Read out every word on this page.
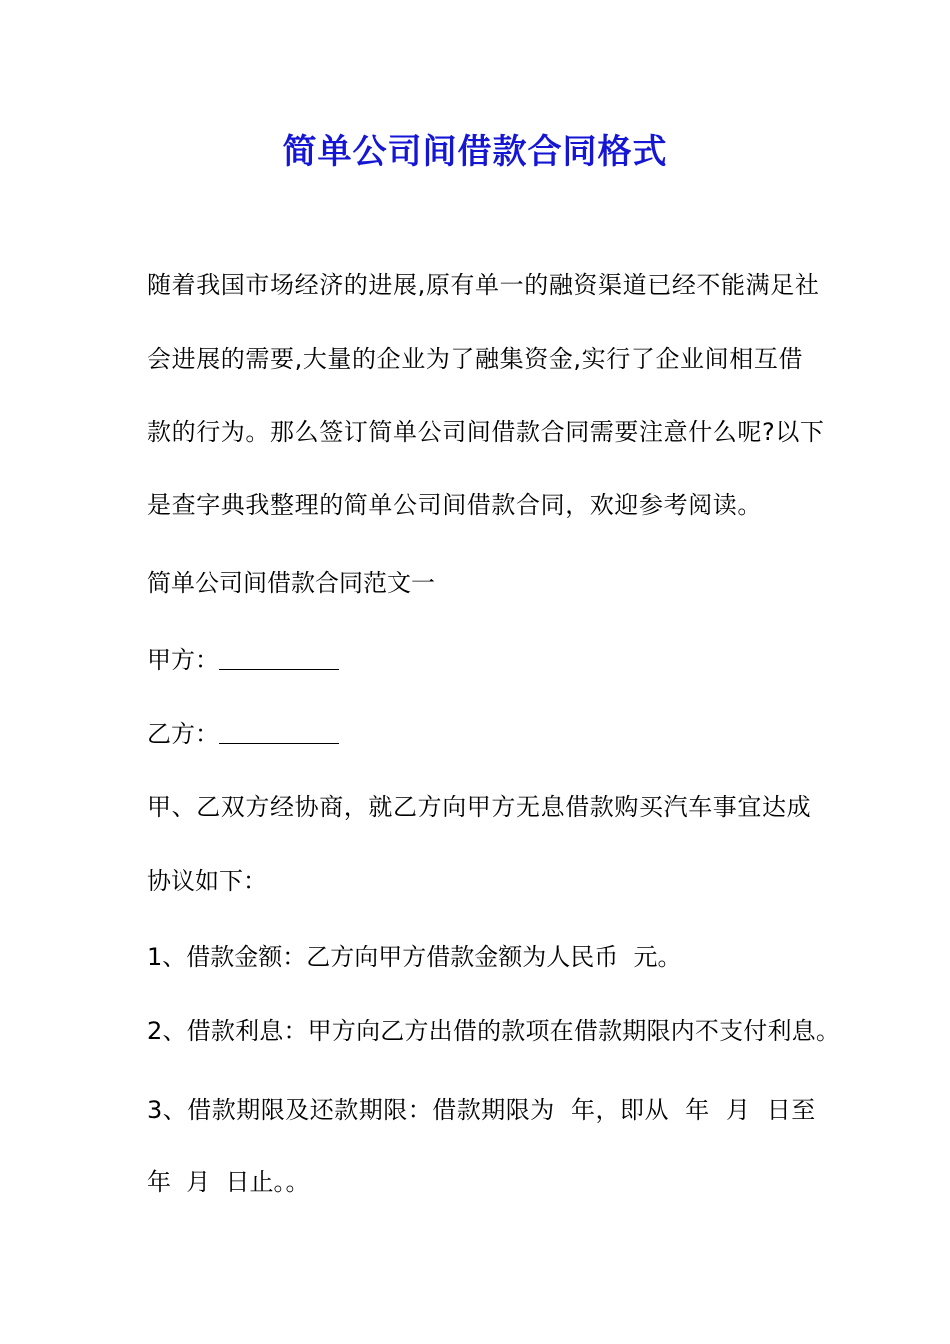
简单公司间借款合同格式
随着我国市场经济的进展,原有单一的融资渠道已经不能满足社
会进展的需要,大量的企业为了融集资金,实行了企业间相互借
款的行为。那么签订简单公司间借款合同需要注意什么呢?以下
是查字典我整理的简单公司间借款合同，欢迎参考阅读。
简单公司间借款合同范文一
甲方：
乙方：
甲、乙双方经协商，就乙方向甲方无息借款购买汽车事宜达成
协议如下：
1、借款金额：乙方向甲方借款金额为人民币  元。
2、借款利息：甲方向乙方出借的款项在借款期限内不支付利息。
3、借款期限及还款期限：借款期限为  年，即从  年  月  日至
年  月  日止。。
